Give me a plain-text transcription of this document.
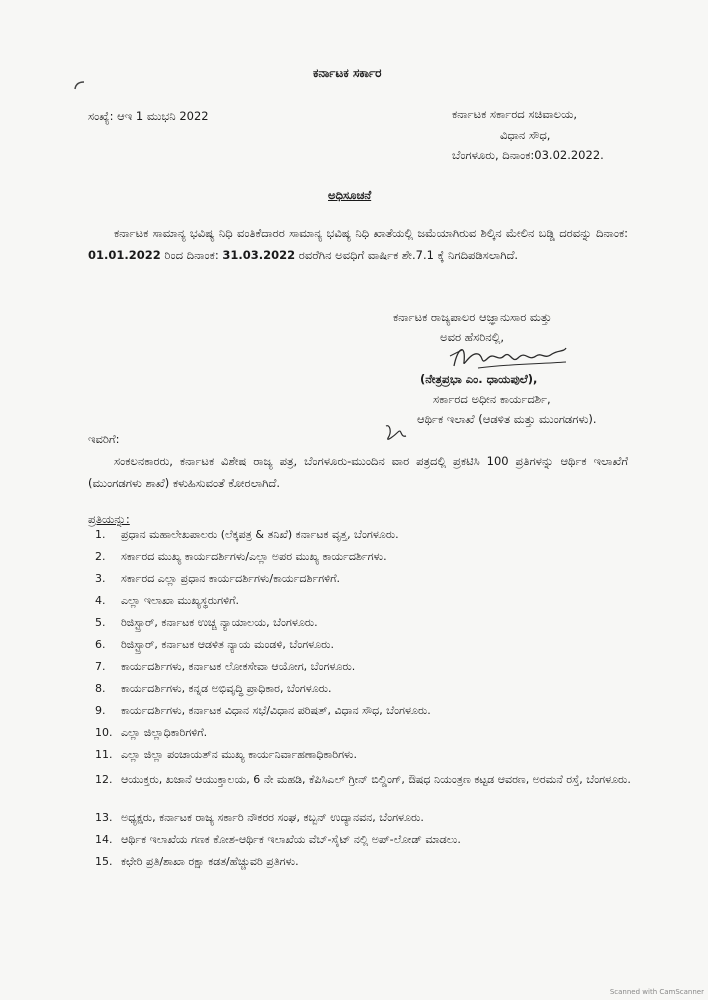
ಕರ್ನಾಟಕ ಸರ್ಕಾರ
ಸಂಖ್ಯೆ: ಆಇ 1 ಮುಭನಿ 2022	ಕರ್ನಾಟಕ ಸರ್ಕಾರದ ಸಚಿವಾಲಯ,
ವಿಧಾನ ಸೌಧ,
ಬೆಂಗಳೂರು, ದಿನಾಂಕ:03.02.2022.
ಅಧಿಸೂಚನೆ
ಕರ್ನಾಟಕ ಸಾಮಾನ್ಯ ಭವಿಷ್ಯ ನಿಧಿ ವಂತಿಕೆದಾರರ ಸಾಮಾನ್ಯ ಭವಿಷ್ಯ ನಿಧಿ ಖಾತೆಯಲ್ಲಿ ಜಮೆಯಾಗಿರುವ ಶಿಲ್ಕಿನ ಮೇಲಿನ ಬಡ್ಡಿ ದರವನ್ನು ದಿನಾಂಕ: 01.01.2022 ರಿಂದ ದಿನಾಂಕ: 31.03.2022 ರವರೆಗಿನ ಅವಧಿಗೆ ವಾರ್ಷಿಕ ಶೇ.7.1 ಕ್ಕೆ ನಿಗದಿಪಡಿಸಲಾಗಿದೆ.
ಕರ್ನಾಟಕ ರಾಜ್ಯಪಾಲರ ಆಜ್ಞಾನುಸಾರ ಮತ್ತು
ಅವರ ಹೆಸರಿನಲ್ಲಿ,
(ನೇತ್ರಪ್ರಭಾ ಎಂ. ಧಾಯಪುಲೆ),
ಸರ್ಕಾರದ ಅಧೀನ ಕಾರ್ಯದರ್ಶಿ,
ಆರ್ಥಿಕ ಇಲಾಖೆ (ಆಡಳಿತ ಮತ್ತು ಮುಂಗಡಗಳು).
ಇವರಿಗೆ:
ಸಂಕಲನಕಾರರು, ಕರ್ನಾಟಕ ವಿಶೇಷ ರಾಜ್ಯ ಪತ್ರ, ಬೆಂಗಳೂರು-ಮುಂದಿನ ವಾರ ಪತ್ರದಲ್ಲಿ ಪ್ರಕಟಿಸಿ 100 ಪ್ರತಿಗಳನ್ನು ಆರ್ಥಿಕ ಇಲಾಖೆಗೆ (ಮುಂಗಡಗಳು ಶಾಖೆ) ಕಳುಹಿಸುವಂತೆ ಕೋರಲಾಗಿದೆ.
ಪ್ರತಿಯನ್ನು:
1.	ಪ್ರಧಾನ ಮಹಾಲೇಖಪಾಲರು (ಲೆಕ್ಕಪತ್ರ & ತನಿಖೆ) ಕರ್ನಾಟಕ ವೃತ್ತ, ಬೆಂಗಳೂರು.
2.	ಸರ್ಕಾರದ ಮುಖ್ಯ ಕಾರ್ಯದರ್ಶಿಗಳು/ಎಲ್ಲಾ ಅಪರ ಮುಖ್ಯ ಕಾರ್ಯದರ್ಶಿಗಳು.
3.	ಸರ್ಕಾರದ ಎಲ್ಲಾ ಪ್ರಧಾನ ಕಾರ್ಯದರ್ಶಿಗಳು/ಕಾರ್ಯದರ್ಶಿಗಳಿಗೆ.
4.	ಎಲ್ಲಾ ಇಲಾಖಾ ಮುಖ್ಯಸ್ಥರುಗಳಿಗೆ.
5.	ರಿಜಿಸ್ಟ್ರಾರ್, ಕರ್ನಾಟಕ ಉಚ್ಚ ನ್ಯಾಯಾಲಯ, ಬೆಂಗಳೂರು.
6.	ರಿಜಿಸ್ಟ್ರಾರ್, ಕರ್ನಾಟಕ ಆಡಳಿತ ನ್ಯಾಯ ಮಂಡಳಿ, ಬೆಂಗಳೂರು.
7.	ಕಾರ್ಯದರ್ಶಿಗಳು, ಕರ್ನಾಟಕ ಲೋಕಸೇವಾ ಆಯೋಗ, ಬೆಂಗಳೂರು.
8.	ಕಾರ್ಯದರ್ಶಿಗಳು, ಕನ್ನಡ ಅಭಿವೃದ್ಧಿ ಪ್ರಾಧಿಕಾರ, ಬೆಂಗಳೂರು.
9.	ಕಾರ್ಯದರ್ಶಿಗಳು, ಕರ್ನಾಟಕ ವಿಧಾನ ಸಭೆ/ವಿಧಾನ ಪರಿಷತ್, ವಿಧಾನ ಸೌಧ, ಬೆಂಗಳೂರು.
10. ಎಲ್ಲಾ ಜಿಲ್ಲಾಧಿಕಾರಿಗಳಿಗೆ.
11. ಎಲ್ಲಾ ಜಿಲ್ಲಾ ಪಂಚಾಯತ್‌ನ ಮುಖ್ಯ ಕಾರ್ಯನಿರ್ವಾಹಣಾಧಿಕಾರಿಗಳು.
12. ಆಯುಕ್ತರು, ಖಜಾನೆ ಆಯುಕ್ತಾಲಯ, 6 ನೇ ಮಹಡಿ, ಕೆಪಿಸಿಎಲ್ ಗ್ರೀನ್ ಬಿಲ್ಡಿಂಗ್, ಔಷಧ ನಿಯಂತ್ರಣ ಕಟ್ಟಡ ಆವರಣ, ಅರಮನೆ ರಸ್ತೆ, ಬೆಂಗಳೂರು.
13. ಅಧ್ಯಕ್ಷರು, ಕರ್ನಾಟಕ ರಾಜ್ಯ ಸರ್ಕಾರಿ ನೌಕರರ ಸಂಘ, ಕಬ್ಬನ್ ಉದ್ಯಾನವನ, ಬೆಂಗಳೂರು.
14. ಆರ್ಥಿಕ ಇಲಾಖೆಯ ಗಣಕ ಕೋಶ-ಆರ್ಥಿಕ ಇಲಾಖೆಯ ವೆಬ್-ಸೈಟ್ ನಲ್ಲಿ ಅಪ್-ಲೋಡ್ ಮಾಡಲು.
15. ಕಛೇರಿ ಪ್ರತಿ/ಶಾಖಾ ರಕ್ಷಾ ಕಡತ/ಹೆಚ್ಚುವರಿ ಪ್ರತಿಗಳು.
Scanned with CamScanner
